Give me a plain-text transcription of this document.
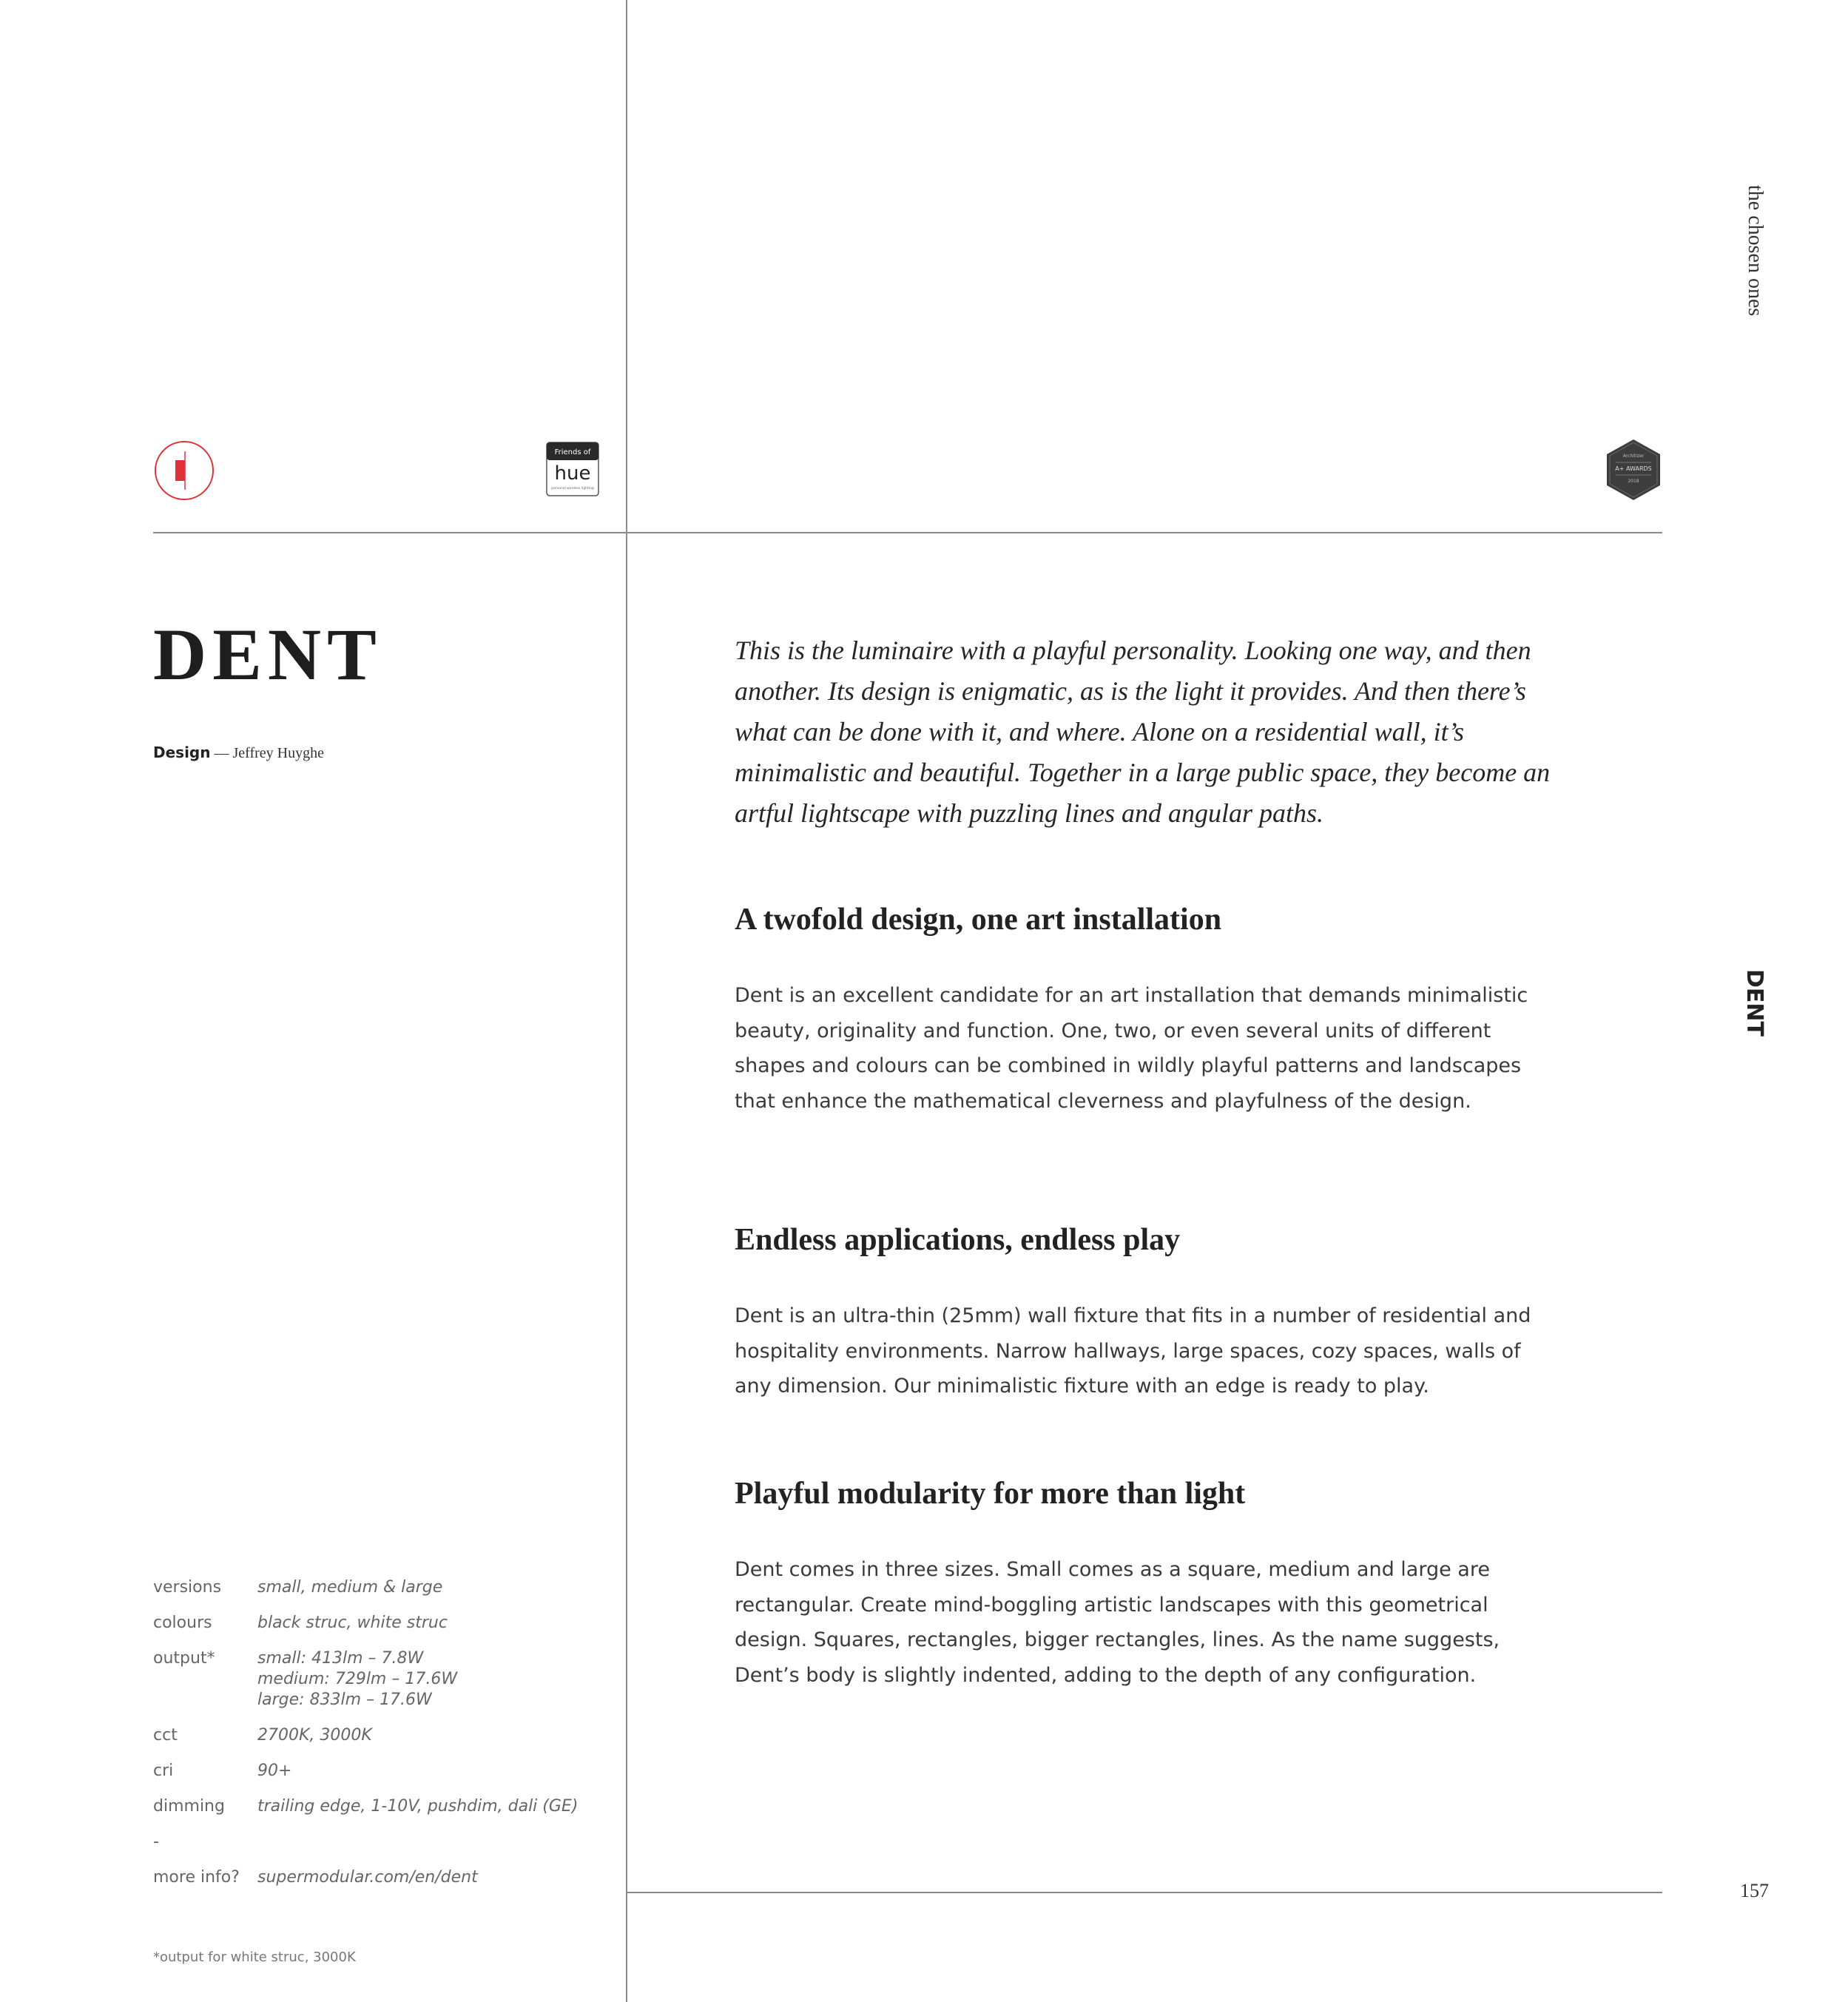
the chosen ones
DENT
Friends of
hue
personal wireless lighting
Architizer
A+ AWARDS
2018
DENT
Design — Jeffrey Huyghe

This is the luminaire with a playful personality. Looking one way, and then another. Its design is enigmatic, as is the light it provides. And then there’s what can be done with it, and where. Alone on a residential wall, it’s minimalistic and beautiful. Together in a large public space, they become an artful lightscape with puzzling lines and angular paths.

A twofold design, one art installation

Dent is an excellent candidate for an art installation that demands minimalistic beauty, originality and function. One, two, or even several units of different shapes and colours can be combined in wildly playful patterns and landscapes that enhance the mathematical cleverness and playfulness of the design.

Endless applications, endless play

Dent is an ultra-thin (25mm) wall fixture that fits in a number of residential and hospitality environments. Narrow hallways, large spaces, cozy spaces, walls of any dimension. Our minimalistic fixture with an edge is ready to play.

Playful modularity for more than light

Dent comes in three sizes. Small comes as a square, medium and large are rectangular. Create mind-boggling artistic landscapes with this geometrical design. Squares, rectangles, bigger rectangles, lines. As the name suggests, Dent’s body is slightly indented, adding to the depth of any configuration.

versions	small, medium & large
colours	black struc, white struc
output*	small: 413lm – 7.8W
medium: 729lm – 17.6W
large: 833lm – 17.6W
cct	2700K, 3000K
cri	90+
dimming	trailing edge, 1-10V, pushdim, dali (GE)
-
more info?	supermodular.com/en/dent
*output for white struc, 3000K
157
